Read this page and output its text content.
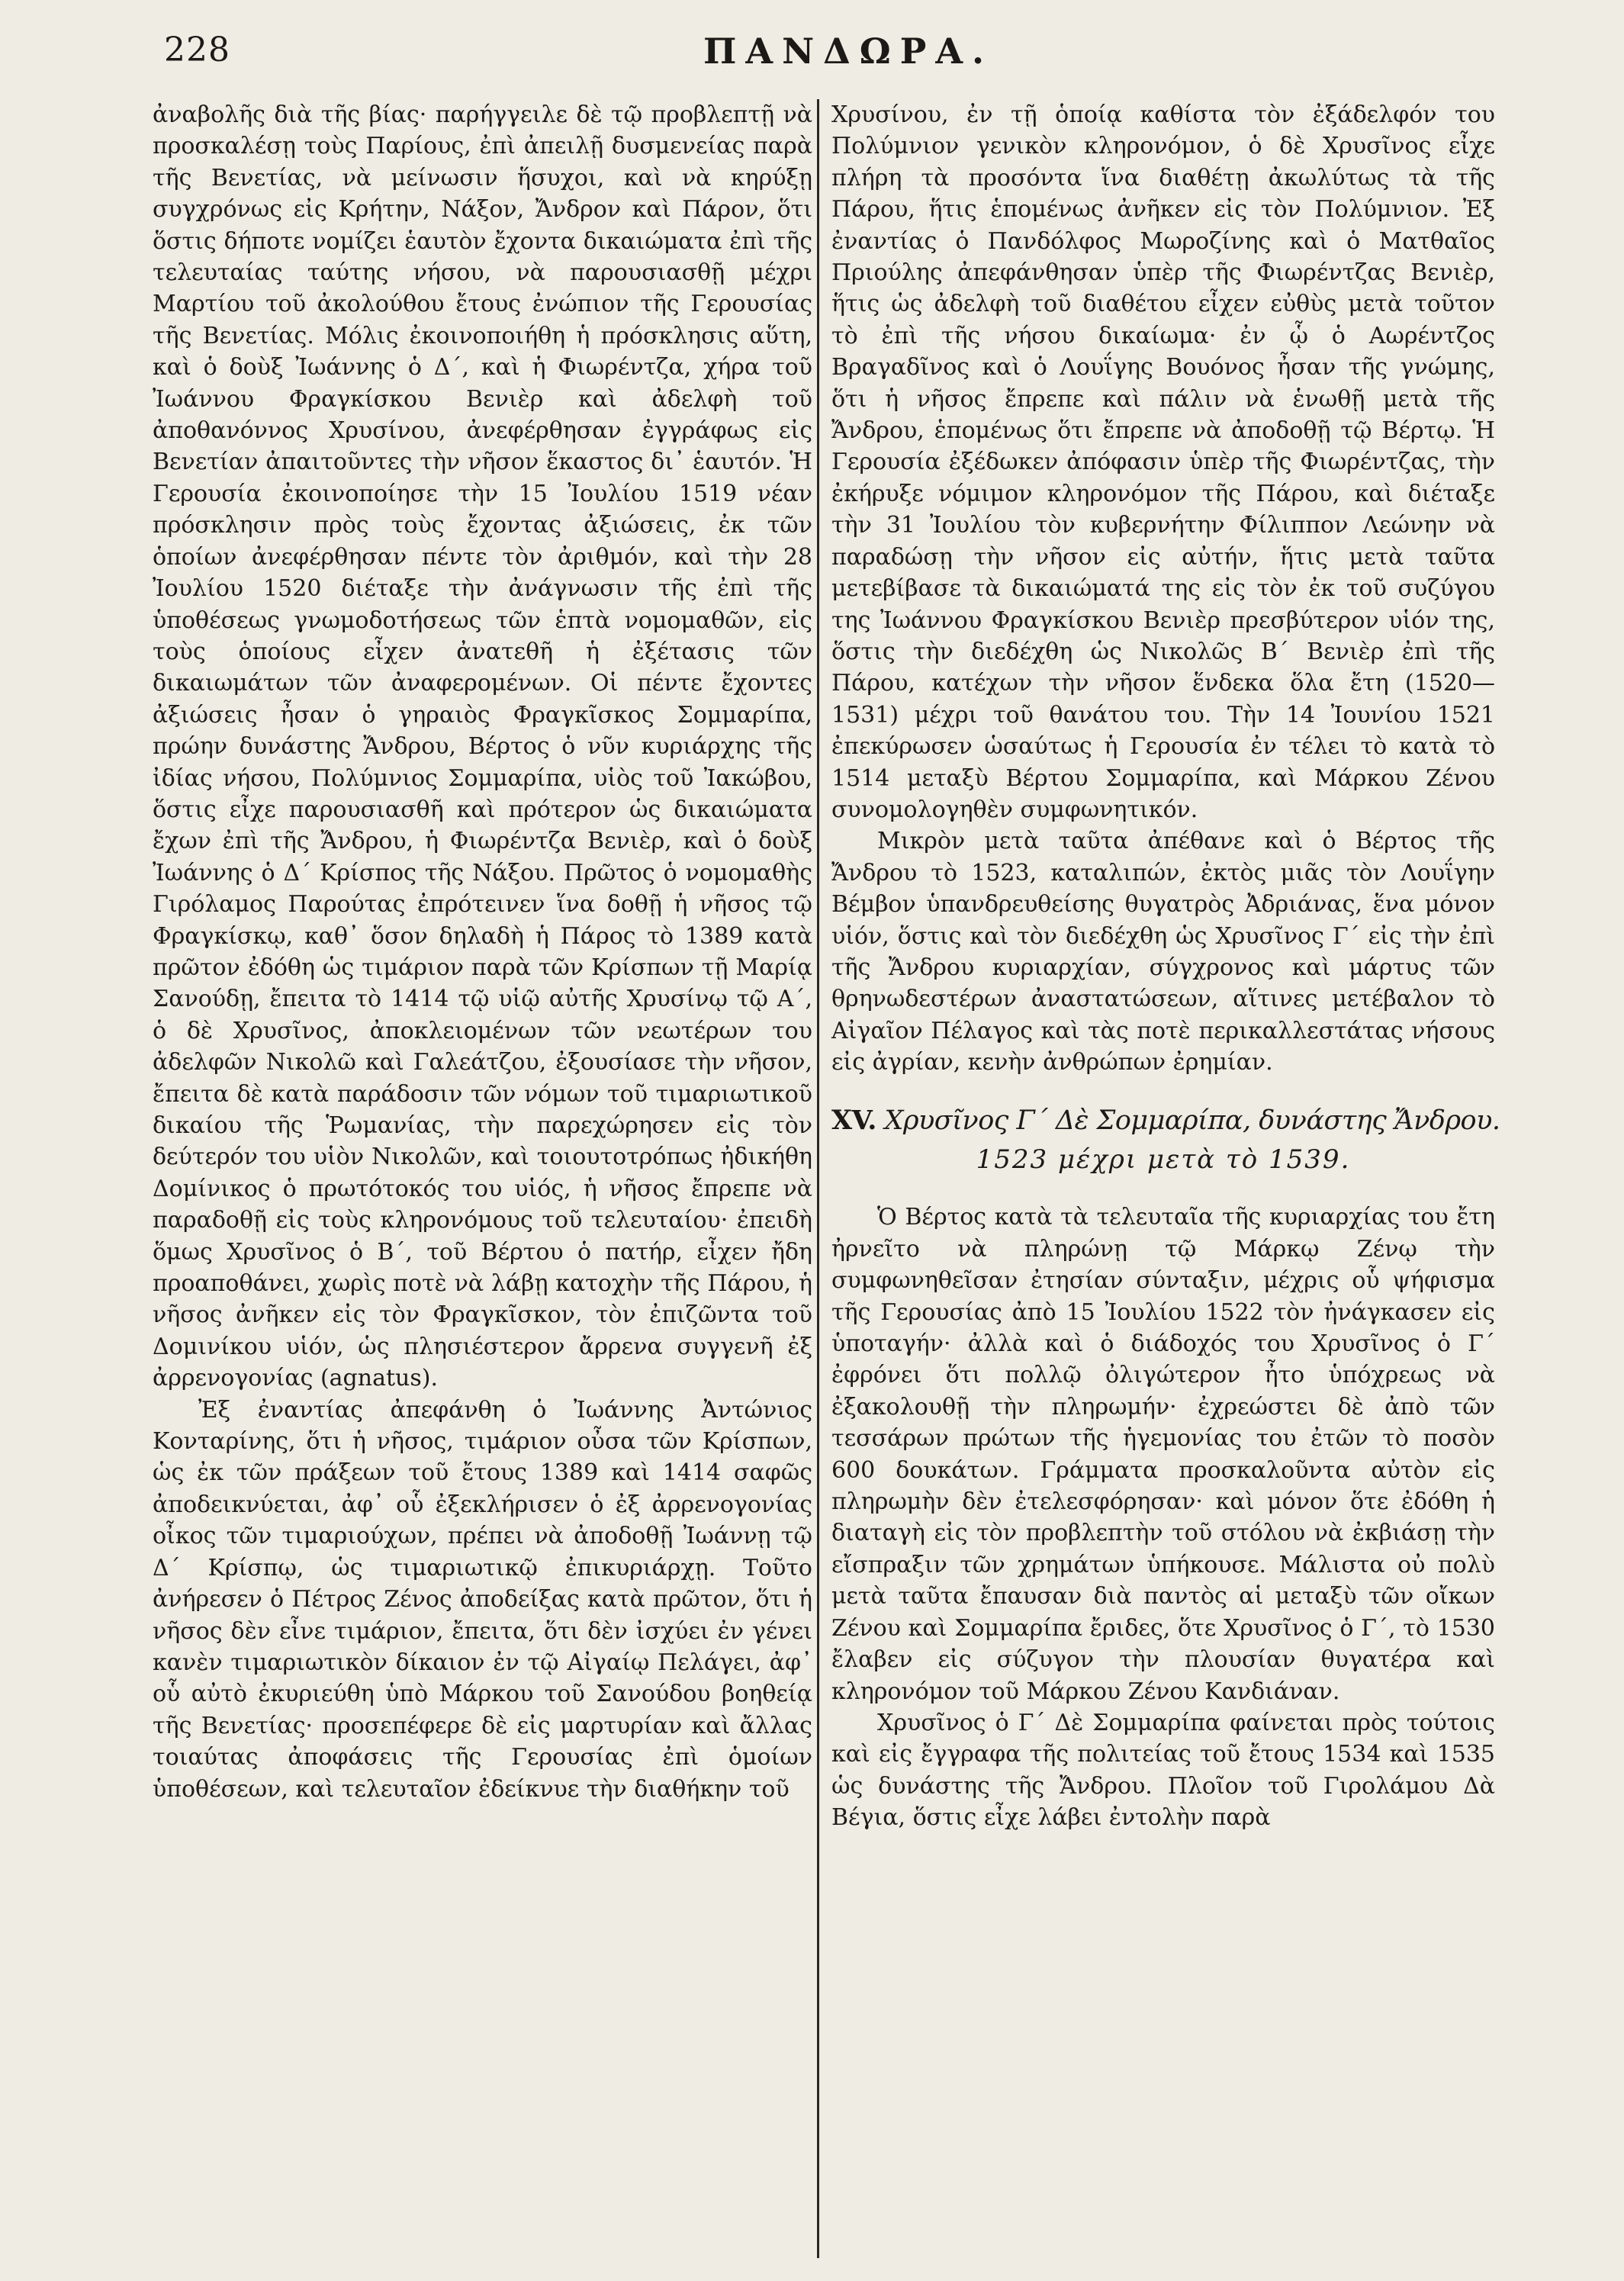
228	ΠΑΝΔΩΡΑ.

ἀναβολῆς διὰ τῆς βίας· παρήγγειλε δὲ τῷ προβλεπτῇ νὰ προσκαλέσῃ τοὺς Παρίους, ἐπὶ ἀπειλῇ δυσμενείας παρὰ τῆς Βενετίας, νὰ μείνωσιν ἥσυχοι, καὶ νὰ κηρύξῃ συγχρόνως εἰς Κρήτην, Νάξον, Ἄνδρον καὶ Πάρον, ὅτι ὅστις δήποτε νομίζει ἑαυτὸν ἔχοντα δικαιώματα ἐπὶ τῆς τελευταίας ταύτης νήσου, νὰ παρουσιασθῇ μέχρι Μαρτίου τοῦ ἀκολούθου ἔτους ἐνώπιον τῆς Γερουσίας τῆς Βενετίας. Μόλις ἐκοινοποιήθη ἡ πρόσκλησις αὕτη, καὶ ὁ δοὺξ Ἰωάννης ὁ Δ΄, καὶ ἡ Φιωρέντζα, χήρα τοῦ Ἰωάννου Φραγκίσκου Βενιὲρ καὶ ἀδελφὴ τοῦ ἀποθανόννος Χρυσίνου, ἀνεφέρθησαν ἐγγράφως εἰς Βενετίαν ἀπαιτοῦντες τὴν νῆσον ἕκαστος δι᾽ ἑαυτόν. Ἡ Γερουσία ἐκοινοποίησε τὴν 15 Ἰουλίου 1519 νέαν πρόσκλησιν πρὸς τοὺς ἔχοντας ἀξιώσεις, ἐκ τῶν ὁποίων ἀνεφέρθησαν πέντε τὸν ἀριθμόν, καὶ τὴν 28 Ἰουλίου 1520 διέταξε τὴν ἀνάγνωσιν τῆς ἐπὶ τῆς ὑποθέσεως γνωμοδοτήσεως τῶν ἑπτὰ νομομαθῶν, εἰς τοὺς ὁποίους εἶχεν ἀνατεθῆ ἡ ἐξέτασις τῶν δικαιωμάτων τῶν ἀναφερομένων. Οἱ πέντε ἔχοντες ἀξιώσεις ἦσαν ὁ γηραιὸς Φραγκῖσκος Σομμαρίπα, πρώην δυνάστης Ἄνδρου, Βέρτος ὁ νῦν κυριάρχης τῆς ἰδίας νήσου, Πολύμνιος Σομμαρίπα, υἱὸς τοῦ Ἰακώβου, ὅστις εἶχε παρουσιασθῆ καὶ πρότερον ὡς δικαιώματα ἔχων ἐπὶ τῆς Ἄνδρου, ἡ Φιωρέντζα Βενιὲρ, καὶ ὁ δοὺξ Ἰωάννης ὁ Δ΄ Κρίσπος τῆς Νάξου. Πρῶτος ὁ νομομαθὴς Γιρόλαμος Παρούτας ἐπρότεινεν ἵνα δοθῇ ἡ νῆσος τῷ Φραγκίσκῳ, καθ᾽ ὅσον δηλαδὴ ἡ Πάρος τὸ 1389 κατὰ πρῶτον ἐδόθη ὡς τιμάριον παρὰ τῶν Κρίσπων τῇ Μαρίᾳ Σανούδῃ, ἔπειτα τὸ 1414 τῷ υἱῷ αὐτῆς Χρυσίνῳ τῷ Α΄, ὁ δὲ Χρυσῖνος, ἀποκλειομένων τῶν νεωτέρων του ἀδελφῶν Νικολῶ καὶ Γαλεάτζου, ἐξουσίασε τὴν νῆσον, ἔπειτα δὲ κατὰ παράδοσιν τῶν νόμων τοῦ τιμαριωτικοῦ δικαίου τῆς Ῥωμανίας, τὴν παρεχώρησεν εἰς τὸν δεύτερόν του υἱὸν Νικολῶν, καὶ τοιουτοτρόπως ἠδικήθη Δομίνικος ὁ πρωτότοκός του υἱός, ἡ νῆσος ἔπρεπε νὰ παραδοθῇ εἰς τοὺς κληρονόμους τοῦ τελευταίου· ἐπειδὴ ὅμως Χρυσῖνος ὁ Β΄, τοῦ Βέρτου ὁ πατήρ, εἶχεν ἤδη προαποθάνει, χωρὶς ποτὲ νὰ λάβῃ κατοχὴν τῆς Πάρου, ἡ νῆσος ἀνῆκεν εἰς τὸν Φραγκῖσκον, τὸν ἐπιζῶντα τοῦ Δομινίκου υἱόν, ὡς πλησιέστερον ἄρρενα συγγενῆ ἐξ ἀρρενογονίας (agnatus).

Ἐξ ἐναντίας ἀπεφάνθη ὁ Ἰωάννης Ἀντώνιος Κονταρίνης, ὅτι ἡ νῆσος, τιμάριον οὖσα τῶν Κρίσπων, ὡς ἐκ τῶν πράξεων τοῦ ἔτους 1389 καὶ 1414 σαφῶς ἀποδεικνύεται, ἀφ᾽ οὗ ἐξεκλήρισεν ὁ ἐξ ἀρρενογονίας οἶκος τῶν τιμαριούχων, πρέπει νὰ ἀποδοθῇ Ἰωάννῃ τῷ Δ΄ Κρίσπῳ, ὡς τιμαριωτικῷ ἐπικυριάρχῃ. Τοῦτο ἀνήρεσεν ὁ Πέτρος Ζένος ἀποδείξας κατὰ πρῶτον, ὅτι ἡ νῆσος δὲν εἶνε τιμάριον, ἔπειτα, ὅτι δὲν ἰσχύει ἐν γένει κανὲν τιμαριωτικὸν δίκαιον ἐν τῷ Αἰγαίῳ Πελάγει, ἀφ᾽ οὗ αὐτὸ ἐκυριεύθη ὑπὸ Μάρκου τοῦ Σανούδου βοηθείᾳ τῆς Βενετίας· προσεπέφερε δὲ εἰς μαρτυρίαν καὶ ἄλλας τοιαύτας ἀποφάσεις τῆς Γερουσίας ἐπὶ ὁμοίων ὑποθέσεων, καὶ τελευταῖον ἐδείκνυε τὴν διαθήκην τοῦ

Χρυσίνου, ἐν τῇ ὁποίᾳ καθίστα τὸν ἐξάδελφόν του Πολύμνιον γενικὸν κληρονόμον, ὁ δὲ Χρυσῖνος εἶχε πλήρη τὰ προσόντα ἵνα διαθέτῃ ἀκωλύτως τὰ τῆς Πάρου, ἥτις ἑπομένως ἀνῆκεν εἰς τὸν Πολύμνιον. Ἐξ ἐναντίας ὁ Πανδόλφος Μωροζίνης καὶ ὁ Ματθαῖος Πριούλης ἀπεφάνθησαν ὑπὲρ τῆς Φιωρέντζας Βενιὲρ, ἥτις ὡς ἀδελφὴ τοῦ διαθέτου εἶχεν εὐθὺς μετὰ τοῦτον τὸ ἐπὶ τῆς νήσου δικαίωμα· ἐν ᾧ ὁ Αωρέντζος Βραγαδῖνος καὶ ὁ Λουΐγης Βουόνος ἦσαν τῆς γνώμης, ὅτι ἡ νῆσος ἔπρεπε καὶ πάλιν νὰ ἑνωθῇ μετὰ τῆς Ἄνδρου, ἑπομένως ὅτι ἔπρεπε νὰ ἀποδοθῇ τῷ Βέρτῳ. Ἡ Γερουσία ἐξέδωκεν ἀπόφασιν ὑπὲρ τῆς Φιωρέντζας, τὴν ἐκήρυξε νόμιμον κληρονόμον τῆς Πάρου, καὶ διέταξε τὴν 31 Ἰουλίου τὸν κυβερνήτην Φίλιππον Λεώνην νὰ παραδώσῃ τὴν νῆσον εἰς αὐτήν, ἥτις μετὰ ταῦτα μετεβίβασε τὰ δικαιώματά της εἰς τὸν ἐκ τοῦ συζύγου της Ἰωάννου Φραγκίσκου Βενιὲρ πρεσβύτερον υἱόν της, ὅστις τὴν διεδέχθη ὡς Νικολῶς Β΄ Βενιὲρ ἐπὶ τῆς Πάρου, κατέχων τὴν νῆσον ἕνδεκα ὅλα ἔτη (1520—1531) μέχρι τοῦ θανάτου του. Τὴν 14 Ἰουνίου 1521 ἐπεκύρωσεν ὡσαύτως ἡ Γερουσία ἐν τέλει τὸ κατὰ τὸ 1514 μεταξὺ Βέρτου Σομμαρίπα, καὶ Μάρκου Ζένου συνομολογηθὲν συμφωνητικόν.

Μικρὸν μετὰ ταῦτα ἀπέθανε καὶ ὁ Βέρτος τῆς Ἄνδρου τὸ 1523, καταλιπών, ἐκτὸς μιᾶς τὸν Λουΐγην Βέμβον ὑπανδρευθείσης θυγατρὸς Ἀδριάνας, ἕνα μόνον υἱόν, ὅστις καὶ τὸν διεδέχθη ὡς Χρυσῖνος Γ΄ εἰς τὴν ἐπὶ τῆς Ἄνδρου κυριαρχίαν, σύγχρονος καὶ μάρτυς τῶν θρηνωδεστέρων ἀναστατώσεων, αἵτινες μετέβαλον τὸ Αἰγαῖον Πέλαγος καὶ τὰς ποτὲ περικαλλεστάτας νήσους εἰς ἀγρίαν, κενὴν ἀνθρώπων ἐρημίαν.

XV. Χρυσῖνος Γ΄ Δὲ Σομμαρίπα, δυνάστης Ἄνδρου.
1523 μέχρι μετὰ τὸ 1539.

Ὁ Βέρτος κατὰ τὰ τελευταῖα τῆς κυριαρχίας του ἔτη ἠρνεῖτο νὰ πληρώνῃ τῷ Μάρκῳ Ζένῳ τὴν συμφωνηθεῖσαν ἐτησίαν σύνταξιν, μέχρις οὗ ψήφισμα τῆς Γερουσίας ἀπὸ 15 Ἰουλίου 1522 τὸν ἠνάγκασεν εἰς ὑποταγήν· ἀλλὰ καὶ ὁ διάδοχός του Χρυσῖνος ὁ Γ΄ ἐφρόνει ὅτι πολλῷ ὀλιγώτερον ἦτο ὑπόχρεως νὰ ἐξακολουθῇ τὴν πληρωμήν· ἐχρεώστει δὲ ἀπὸ τῶν τεσσάρων πρώτων τῆς ἡγεμονίας του ἐτῶν τὸ ποσὸν 600 δουκάτων. Γράμματα προσκαλοῦντα αὐτὸν εἰς πληρωμὴν δὲν ἐτελεσφόρησαν· καὶ μόνον ὅτε ἐδόθη ἡ διαταγὴ εἰς τὸν προβλεπτὴν τοῦ στόλου νὰ ἐκβιάσῃ τὴν εἴσπραξιν τῶν χρημάτων ὑπήκουσε. Μάλιστα οὐ πολὺ μετὰ ταῦτα ἔπαυσαν διὰ παντὸς αἱ μεταξὺ τῶν οἴκων Ζένου καὶ Σομμαρίπα ἔριδες, ὅτε Χρυσῖνος ὁ Γ΄, τὸ 1530 ἔλαβεν εἰς σύζυγον τὴν πλουσίαν θυγατέρα καὶ κληρονόμον τοῦ Μάρκου Ζένου Κανδιάναν.

Χρυσῖνος ὁ Γ΄ Δὲ Σομμαρίπα φαίνεται πρὸς τούτοις καὶ εἰς ἔγγραφα τῆς πολιτείας τοῦ ἔτους 1534 καὶ 1535 ὡς δυνάστης τῆς Ἄνδρου. Πλοῖον τοῦ Γιρολάμου Δὰ Βέγια, ὅστις εἶχε λάβει ἐντολὴν παρὰ
